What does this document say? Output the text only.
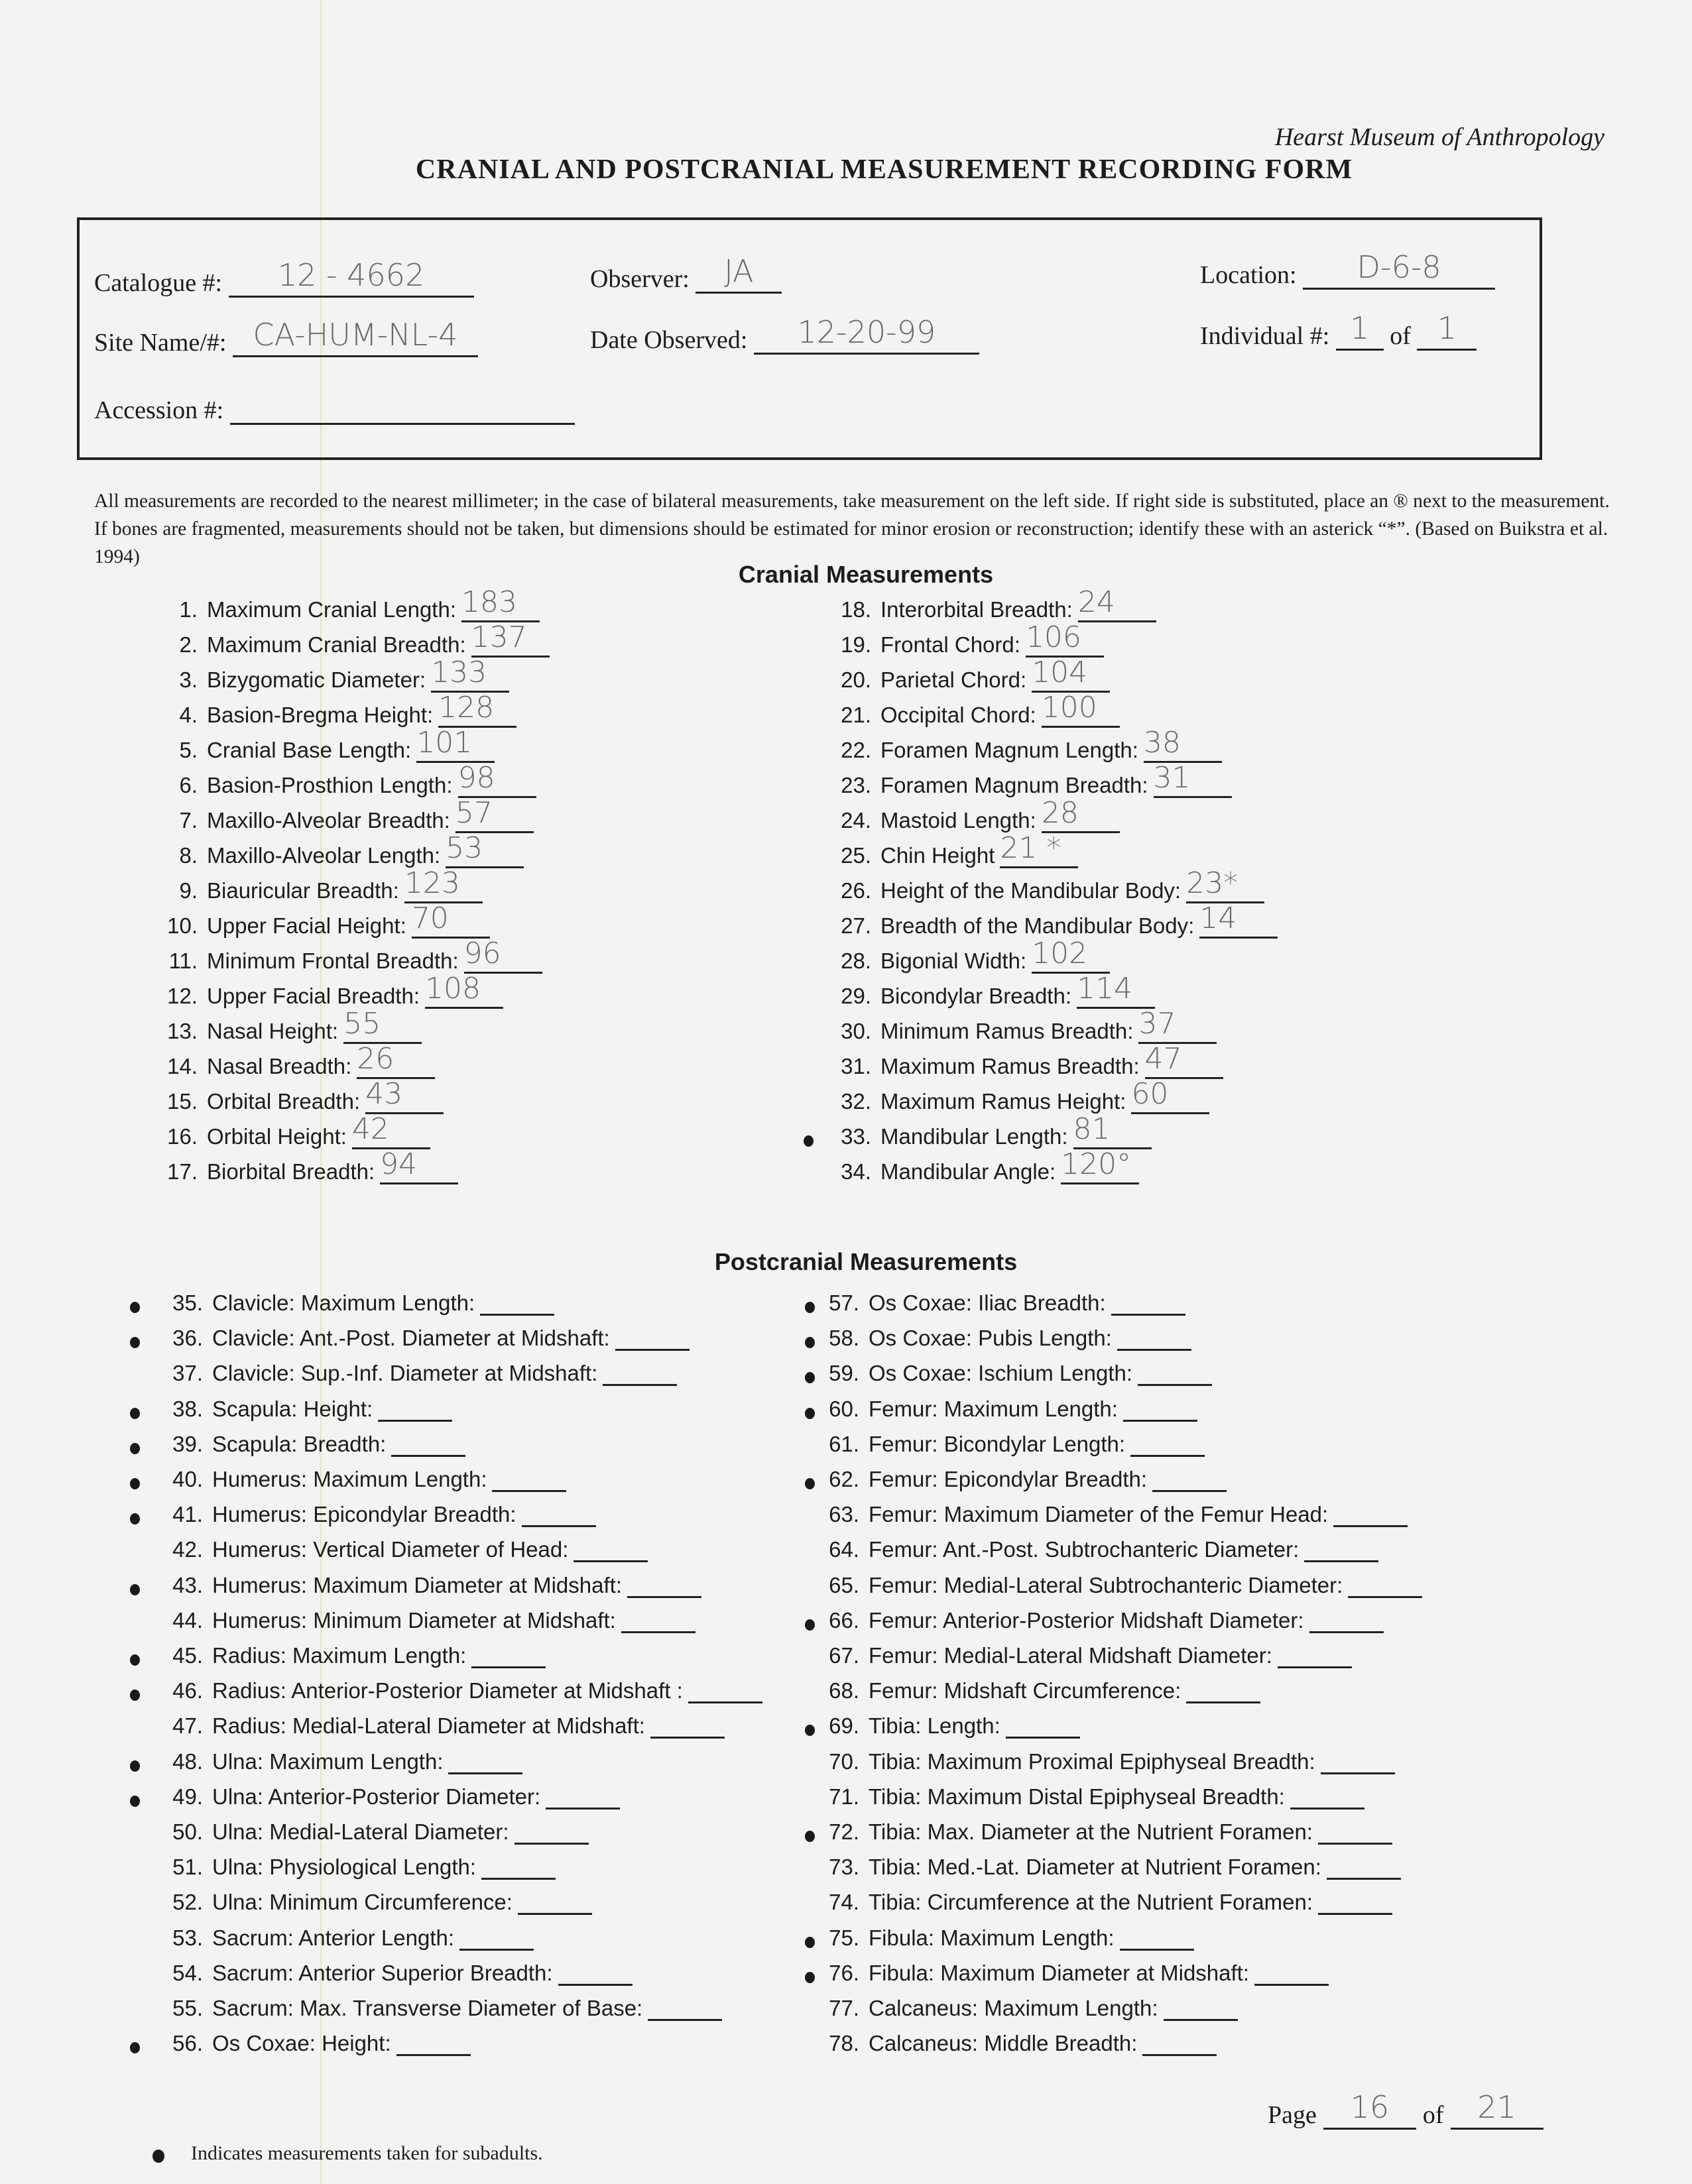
Hearst Museum of Anthropology
CRANIAL AND POSTCRANIAL MEASUREMENT RECORDING FORM
Catalogue #:	12 - 4662	Observer:	JA	Location:	D-6-8
Site Name/#: CA-HUM-NL-4	Date Observed:	12-20-99	Individual #: 1 of 1
Accession #:
All measurements are recorded to the nearest millimeter; in the case of bilateral measurements, take measurement on the left side. If right side is substituted, place an ® next to the measurement. If bones are fragmented, measurements should not be taken, but dimensions should be estimated for minor erosion or reconstruction; identify these with an asterick “*”. (Based on Buikstra et al. 1994)
Cranial Measurements
1. Maximum Cranial Length: 183
2. Maximum Cranial Breadth: 137
3. Bizygomatic Diameter: 133
4. Basion-Bregma Height: 128
5. Cranial Base Length: 101
6. Basion-Prosthion Length: 98
7. Maxillo-Alveolar Breadth: 57
8. Maxillo-Alveolar Length: 53
9. Biauricular Breadth: 123
10. Upper Facial Height: 70
11. Minimum Frontal Breadth: 96
12. Upper Facial Breadth: 108
13. Nasal Height: 55
14. Nasal Breadth: 26
15. Orbital Breadth: 43
16. Orbital Height: 42
17. Biorbital Breadth: 94
18. Interorbital Breadth: 24
19. Frontal Chord: 106
20. Parietal Chord: 104
21. Occipital Chord: 100
22. Foramen Magnum Length: 38
23. Foramen Magnum Breadth: 31
24. Mastoid Length: 28
25. Chin Height 21 *
26. Height of the Mandibular Body: 23*
27. Breadth of the Mandibular Body: 14
28. Bigonial Width: 102
29. Bicondylar Breadth: 114
30. Minimum Ramus Breadth: 37
31. Maximum Ramus Breadth: 47
32. Maximum Ramus Height: 60
33. Mandibular Length: 81
34. Mandibular Angle: 120°
Postcranial Measurements
35. Clavicle: Maximum Length:
36. Clavicle: Ant.-Post. Diameter at Midshaft:
37. Clavicle: Sup.-Inf. Diameter at Midshaft:
38. Scapula: Height:
39. Scapula: Breadth:
40. Humerus: Maximum Length:
41. Humerus: Epicondylar Breadth:
42. Humerus: Vertical Diameter of Head:
43. Humerus: Maximum Diameter at Midshaft:
44. Humerus: Minimum Diameter at Midshaft:
45. Radius: Maximum Length:
46. Radius: Anterior-Posterior Diameter at Midshaft :
47. Radius: Medial-Lateral Diameter at Midshaft:
48. Ulna: Maximum Length:
49. Ulna: Anterior-Posterior Diameter:
50. Ulna: Medial-Lateral Diameter:
51. Ulna: Physiological Length:
52. Ulna: Minimum Circumference:
53. Sacrum: Anterior Length:
54. Sacrum: Anterior Superior Breadth:
55. Sacrum: Max. Transverse Diameter of Base:
56. Os Coxae: Height:
57. Os Coxae: Iliac Breadth:
58. Os Coxae: Pubis Length:
59. Os Coxae: Ischium Length:
60. Femur: Maximum Length:
61. Femur: Bicondylar Length:
62. Femur: Epicondylar Breadth:
63. Femur: Maximum Diameter of the Femur Head:
64. Femur: Ant.-Post. Subtrochanteric Diameter:
65. Femur: Medial-Lateral Subtrochanteric Diameter:
66. Femur: Anterior-Posterior Midshaft Diameter:
67. Femur: Medial-Lateral Midshaft Diameter:
68. Femur: Midshaft Circumference:
69. Tibia: Length:
70. Tibia: Maximum Proximal Epiphyseal Breadth:
71. Tibia: Maximum Distal Epiphyseal Breadth:
72. Tibia: Max. Diameter at the Nutrient Foramen:
73. Tibia: Med.-Lat. Diameter at Nutrient Foramen:
74. Tibia: Circumference at the Nutrient Foramen:
75. Fibula: Maximum Length:
76. Fibula: Maximum Diameter at Midshaft:
77. Calcaneus: Maximum Length:
78. Calcaneus: Middle Breadth:
Page	16	of	21
Indicates measurements taken for subadults.
